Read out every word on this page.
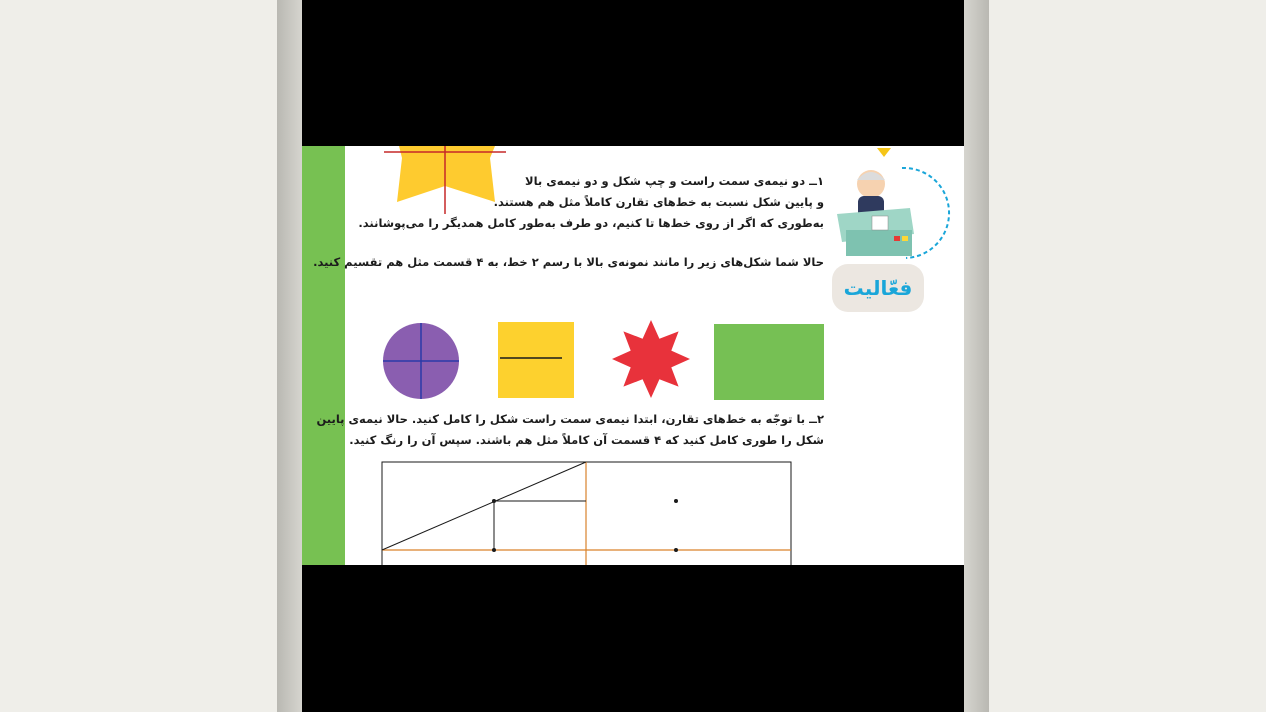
فعّالیت
۱ــ دو نیمه‌ی سمت راست و چپ شکل و دو نیمه‌ی بالا
و پایین شکل نسبت به خط‌های تقارن کاملاً مثل هم هستند.
به‌طوری که اگر از روی خط‌ها تا کنیم، دو طرف به‌طور کامل همدیگر را می‌پوشانند.
حالا شما شکل‌های زیر را مانند نمونه‌ی بالا با رسم ۲ خط، به ۴ قسمت مثل هم تقسیم کنید.
۲ــ با توجّه به خط‌های تقارن، ابتدا نیمه‌ی سمت راست شکل را کامل کنید. حالا نیمه‌ی پایین
شکل را طوری کامل کنید که ۴ قسمت آن کاملاً مثل هم باشند. سپس آن را رنگ کنید.
